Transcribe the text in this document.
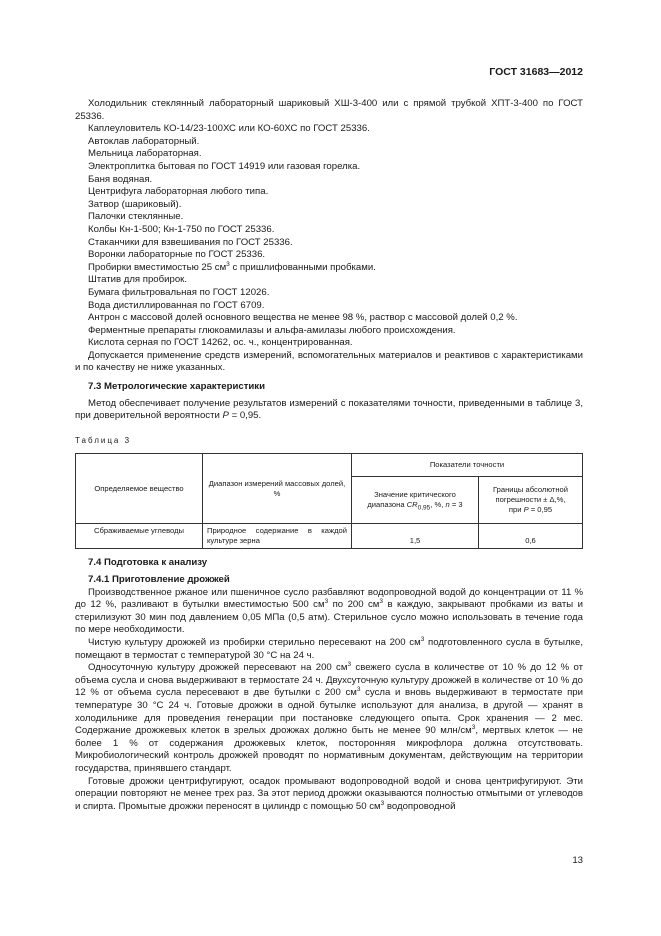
ГОСТ 31683—2012

Холодильник стеклянный лабораторный шариковый ХШ-3-400 или с прямой трубкой ХПТ-3-400 по ГОСТ 25336.

Каплеуловитель КО-14/23-100ХС или КО-60ХС по ГОСТ 25336.

Автоклав лабораторный.

Мельница лабораторная.

Электроплитка бытовая по ГОСТ 14919 или газовая горелка.

Баня водяная.

Центрифуга лабораторная любого типа.

Затвор (шариковый).

Палочки стеклянные.

Колбы Кн-1-500; Кн-1-750 по ГОСТ 25336.

Стаканчики для взвешивания по ГОСТ 25336.

Воронки лабораторные по ГОСТ 25336.

Пробирки вместимостью 25 $см^3$ с пришлифованными пробками.

Штатив для пробирок.

Бумага фильтровальная по ГОСТ 12026.

Вода дистиллированная по ГОСТ 6709.

Антрон с массовой долей основного вещества не менее 98 %, раствор с массовой долей 0,2 %.

Ферментные препараты глюкоамилазы и альфа-амилазы любого происхождения.

Кислота серная по ГОСТ 14262, ос. ч., концентрированная.

Допускается применение средств измерений, вспомогательных материалов и реактивов с характеристиками и по качеству не ниже указанных.

7.3 Метрологические характеристики

Метод обеспечивает получение результатов измерений с показателями точности, приведенными в таблице 3, при доверительной вероятности P = 0,95.

Таблица 3
Определяемое вещество	Диапазон измерений массовых долей, %	Показатели точности	
		Значение критического диапазона $CR_{0,95}$, %, n = 3	Границы абсолютной погрешности ± Δ,%,
при P = 0,95
Сбраживаемые углеводы	Природное содержание в каждой культуре зерна	1,5	0,6
7.4 Подготовка к анализу
7.4.1 Приготовление дрожжей

Производственное ржаное или пшеничное сусло разбавляют водопроводной водой до концентрации от 11 % до 12 %, разливают в бутылки вместимостью 500 $см^3$ по 200 $см^3$ в каждую, закрывают пробками из ваты и стерилизуют 30 мин под давлением 0,05 МПа (0,5 атм). Стерильное сусло можно использовать в течение года по мере необходимости.

Чистую культуру дрожжей из пробирки стерильно пересевают на 200 $см^3$ подготовленного сусла в бутылке, помещают в термостат с температурой 30 °С на 24 ч.

Односуточную культуру дрожжей пересевают на 200 $см^3$ свежего сусла в количестве от 10 % до 12 % от объема сусла и снова выдерживают в термостате 24 ч. Двухсуточную культуру дрожжей в количестве от 10 % до 12 % от объема сусла пересевают в две бутылки с 200 $см^3$ сусла и вновь выдерживают в термостате при температуре 30 °С 24 ч. Готовые дрожжи в одной бутылке используют для анализа, в другой — хранят в холодильнике для проведения генерации при постановке следующего опыта. Срок хранения — 2 мес. Содержание дрожжевых клеток в зрелых дрожжах должно быть не менее 90 млн/$см^3$, мертвых клеток — не более 1 % от содержания дрожжевых клеток, посторонняя микрофлора должна отсутствовать. Микробиологический контроль дрожжей проводят по нормативным документам, действующим на территории государства, принявшего стандарт.

Готовые дрожжи центрифугируют, осадок промывают водопроводной водой и снова центрифугируют. Эти операции повторяют не менее трех раз. За этот период дрожжи оказываются полностью отмытыми от углеводов и спирта. Промытые дрожжи переносят в цилиндр с помощью 50 $см^3$ водопроводной

13
